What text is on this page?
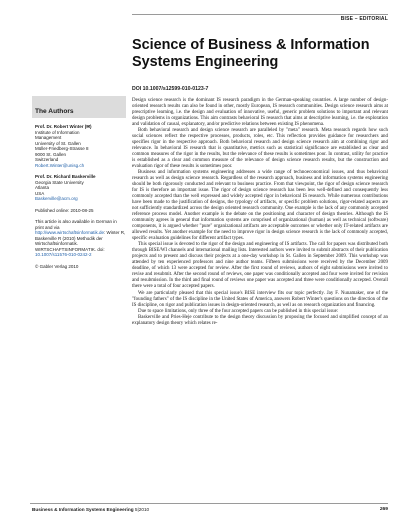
BISE – EDITORIAL
Science of Business & Information Systems Engineering
DOI 10.1007/s12599-010-0123-7
The Authors
Prof. Dr. Robert Winter (✉)
Institute of Information
Management
University of St. Gallen
Müller-Friedberg-Strasse 8
9000 St. Gallen
Switzerland
Robert.Winter@unisg.ch
Prof. Dr. Richard Baskerville
Georgia State University
Atlanta
USA
Baskerville@acm.org
Published online: 2010-08-25
This article is also available in German in print and via http://www.wirtschaftsinformatik.de: Winter R, Baskerville R (2010) Methodik der Wirtschaftsinformatik. WIRTSCHAFTSINFORMATIK. doi: 10.1007/s11576-010-0242-2
© Gabler Verlag 2010

Design science research is the dominant IS research paradigm in the German-speaking countries. A large number of design-oriented research results can also be found in other, mostly European, IS research communities. Design science research aims at prescriptive learning, i.e. the design and evaluation of innovative, useful, generic problem solutions to important and relevant design problems in organizations. This aim contrasts behavioral IS research that aims at descriptive learning, i.e. the exploration and validation of causal, explanatory, and/or predictive relations between existing IS phenomena.

Both behavioral research and design science research are paralleled by "meta" research. Meta research regards how such social sciences reflect the respective processes, products, roles, etc. This reflection provides guidance for researchers and specifies rigor in the respective approach. Both behavioral research and design science research aim at combining rigor and relevance. In behavioral IS research that is quantitative, metrics such as statistical significance are established as clear and common measures of the rigor in the results, but the relevance of these results is sometimes poor. In contrast, utility for practice is established as a clear and common measure of the relevance of design science research results, but the construction and evaluation rigor of these results is sometimes poor.

Business and information systems engineering addresses a wide range of technoeconomical issues, and thus behavioral research as well as design science research. Regardless of the research approach, business and information systems engineering should be both rigorously conducted and relevant to business practice. From that viewpoint, the rigor of design science research for IS is therefore an important issue. The rigor of design science research has been less well-defined and consequently less commonly accepted than the well expressed and widely accepted rigor in behavioral IS research. While numerous contributions have been made to the justification of designs, the typology of artifacts, or specific problem solutions, rigor-related aspects are not sufficiently standardized across the design oriented research community. One example is the lack of any commonly accepted reference process model. Another example is the debate on the positioning and character of design theories. Although the IS community agrees in general that information systems are comprised of organizational (human) as well as technical (software) components, it is argued whether "pure" organizational artifacts are acceptable outcomes or whether only IT-related artifacts are allowed results. Yet another example for the need to improve rigor in design science research is the lack of commonly accepted, specific evaluation guidelines for different artifact types.

This special issue is devoted to the rigor of the design and engineering of IS artifacts. The call for papers was distributed both through BISE/WI channels and international mailing lists. Interested authors were invited to submit abstracts of their publication projects and to present and discuss their projects at a one-day workshop in St. Gallen in September 2009. This workshop was attended by ten experienced professors and nine author teams. Fifteen submissions were received by the December 2009 deadline, of which 13 were accepted for review. After the first round of reviews, authors of eight submissions were invited to revise and resubmit. After the second round of reviews, one paper was conditionally accepted and four were invited for revision and resubmission. In the third and final round of reviews one paper was accepted and three were conditionally accepted. Overall there were a total of four accepted papers.

We are particularly pleased that this special issue's BISE interview fits our topic perfectly. Jay F. Nunamaker, one of the "founding fathers" of the IS discipline in the United States of America, answers Robert Winter's questions on the direction of the IS discipline, on rigor and publication issues in design-oriented research, as well as on research organization and financing.

Due to space limitations, only three of the four accepted papers can be published in this special issue:

Baskerville and Pries-Heje contribute to the design theory discussion by proposing the focused and simplified concept of an explanatory design theory which relates re-

Business & Information Systems Engineering 5|2010	269
